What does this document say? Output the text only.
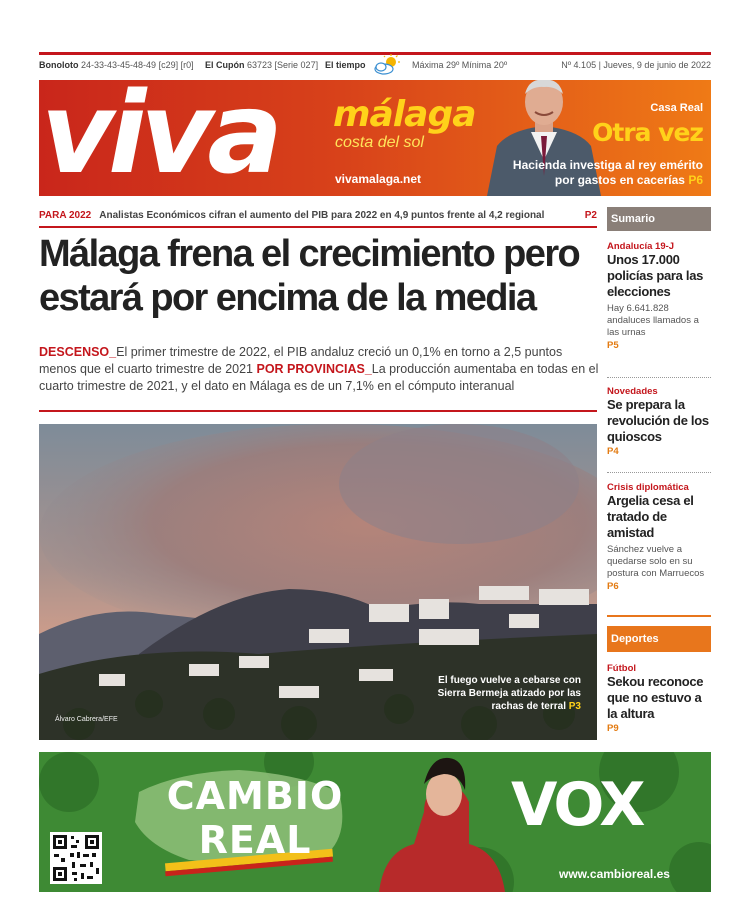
Bonoloto 24-33-43-45-48-49 [c29] [r0] El Cupón 63723 [Serie 027] El tiempo	Máxima 29º Mínima 20º	Nº 4.105 | Jueves, 9 de junio de 2022
viva málaga
costa del sol
vivamalaga.net
Casa Real
Otra vez
Hacienda investiga al rey emérito por gastos en cacerías P6
PARA 2022 Analistas Económicos cifran el aumento del PIB para 2022 en 4,9 puntos frente al 4,2 regional	P2
Málaga frena el crecimiento pero estará por encima de la media
DESCENSO_El primer trimestre de 2022, el PIB andaluz creció un 0,1% en torno a 2,5 puntos menos que el cuarto trimestre de 2021 POR PROVINCIAS_La producción aumentaba en todas en el cuarto trimestre de 2021, y el dato en Málaga es de un 7,1% en el cómputo interanual
El fuego vuelve a cebarse con Sierra Bermeja atizado por las rachas de terral P3
Álvaro Cabrera/EFE
Sumario
Andalucía 19-J
Unos 17.000 policías para las elecciones
Hay 6.641.828 andaluces llamados a las urnas
P5
Novedades
Se prepara la revolución de los quioscos
P4
Crisis diplomática
Argelia cesa el tratado de amistad
Sánchez vuelve a quedarse solo en su postura con Marruecos
P6
Deportes
Fútbol
Sekou reconoce que no estuvo a la altura
P9
CAMBIO
REAL	VOX
www.cambioreal.es
